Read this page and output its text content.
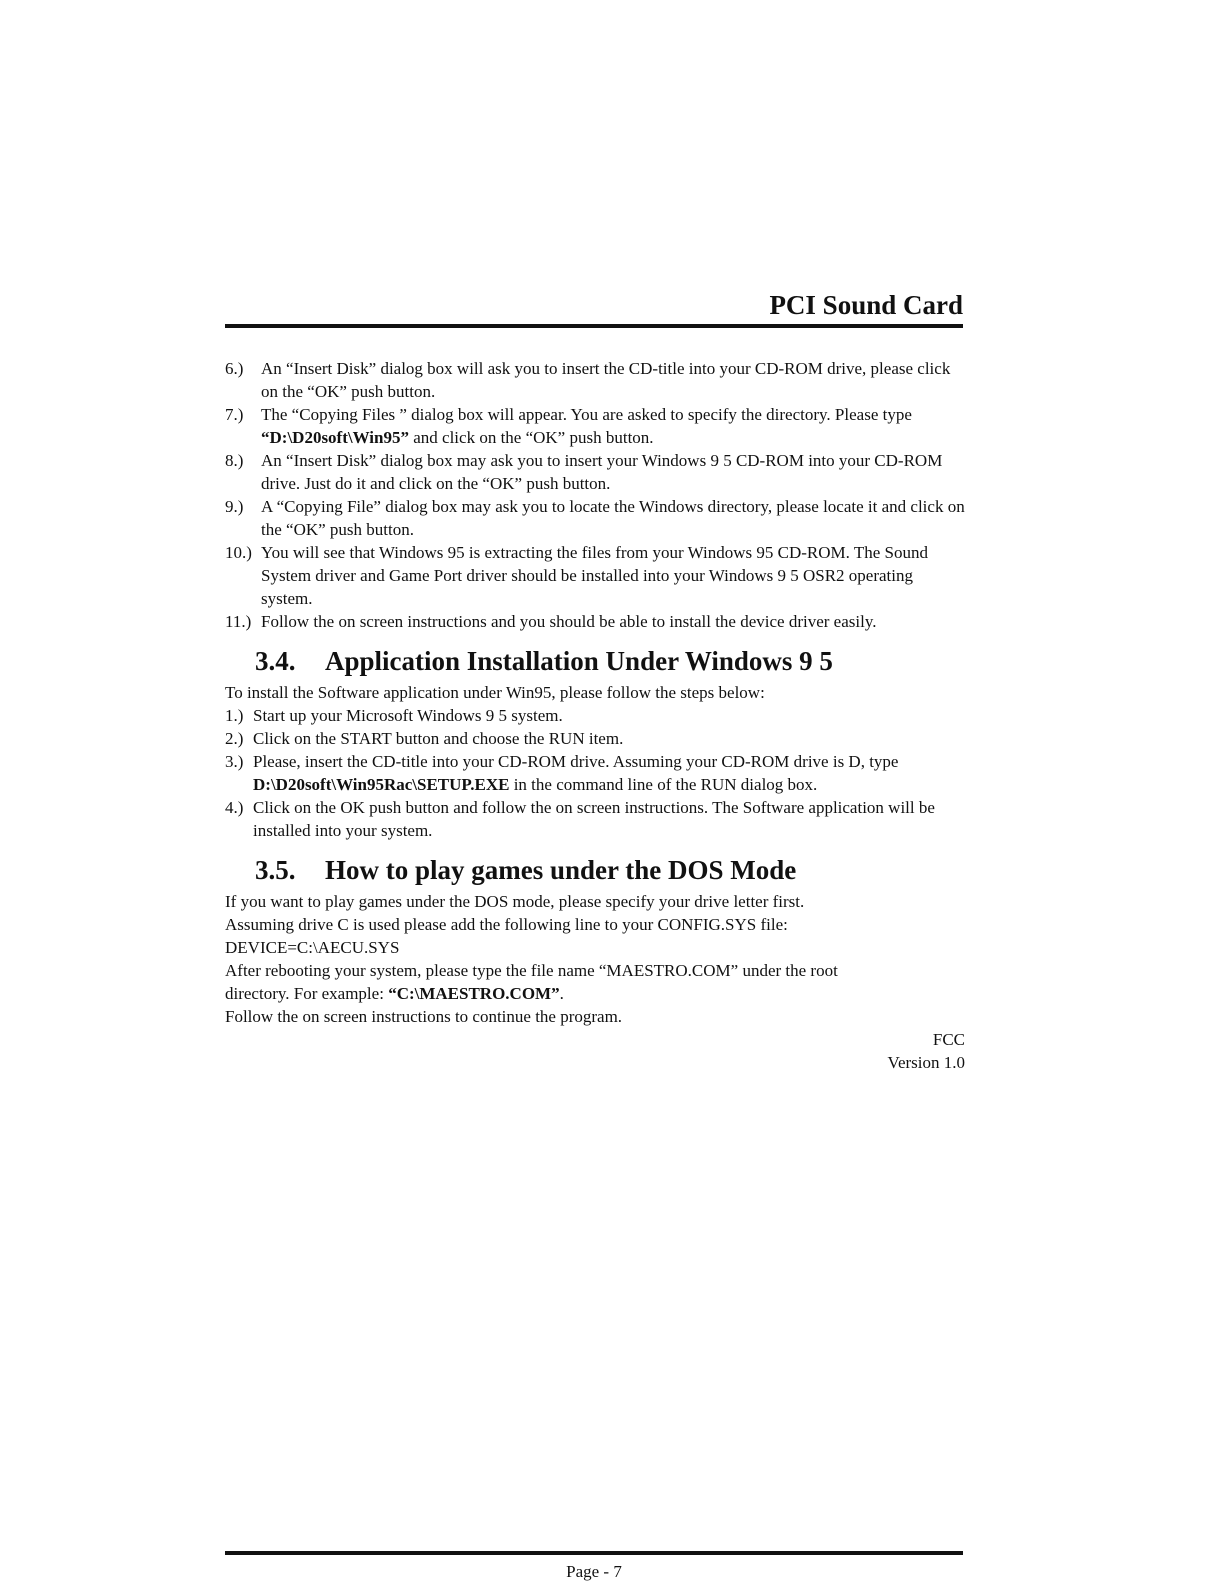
PCI Sound Card
6.) An “Insert Disk” dialog box will ask you to insert the CD-title into your CD-ROM drive, please click on the “OK” push button.
7.) The “Copying Files ” dialog box will appear. You are asked to specify the directory. Please type “D:\D20soft\Win95” and click on the “OK” push button.
8.) An “Insert Disk” dialog box may ask you to insert your Windows 9 5 CD-ROM into your CD-ROM drive. Just do it and click on the “OK” push button.
9.) A “Copying File” dialog box may ask you to locate the Windows directory, please locate it and click on the “OK” push button.
10.) You will see that Windows 95 is extracting the files from your Windows 95 CD-ROM. The Sound System driver and Game Port driver should be installed into your Windows 9 5 OSR2 operating system.
11.) Follow the on screen instructions and you should be able to install the device driver easily.
3.4. Application Installation Under Windows 9 5

To install the Software application under Win95, please follow the steps below:

1.) Start up your Microsoft Windows 9 5 system.
2.) Click on the START button and choose the RUN item.
3.) Please, insert the CD-title into your CD-ROM drive. Assuming your CD-ROM drive is D, type D:\D20soft\Win95Rac\SETUP.EXE in the command line of the RUN dialog box.
4.) Click on the OK push button and follow the on screen instructions. The Software application will be installed into your system.
3.5. How to play games under the DOS Mode

If you want to play games under the DOS mode, please specify your drive letter first.

Assuming drive C is used please add the following line to your CONFIG.SYS file:

DEVICE=C:\AECU.SYS

After rebooting your system, please type the file name “MAESTRO.COM” under the root

directory. For example: “C:\MAESTRO.COM”.

Follow the on screen instructions to continue the program.

FCC

Version 1.0

Page - 7
